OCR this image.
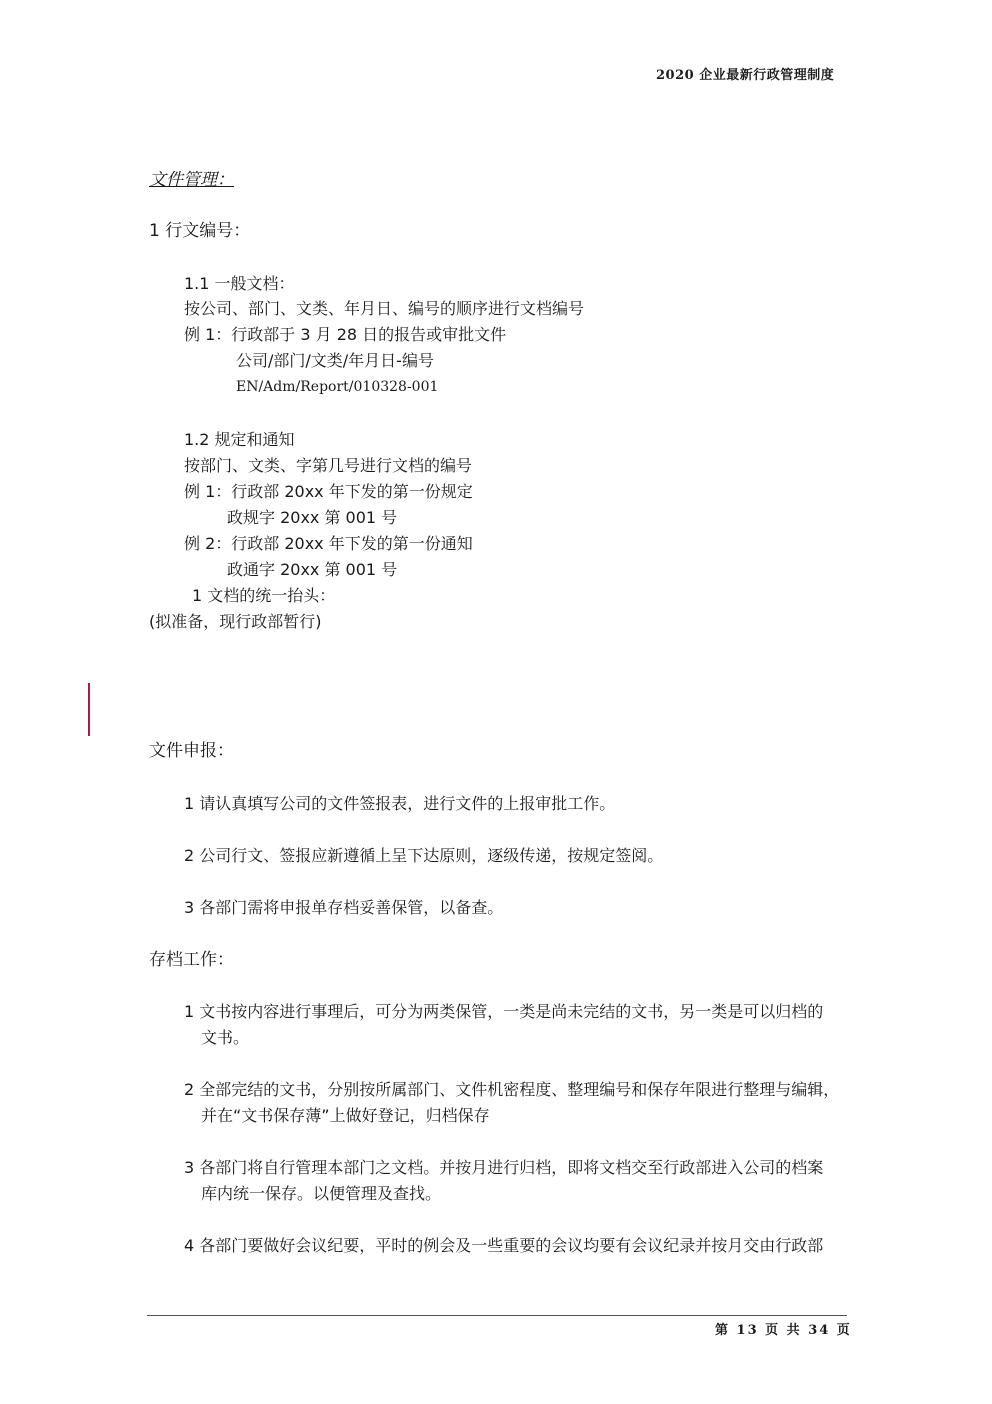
2020 企业最新行政管理制度
文件管理：
1 行文编号：
1.1 一般文档：
按公司、部门、文类、年月日、编号的顺序进行文档编号
例 1：行政部于 3 月 28 日的报告或审批文件
公司/部门/文类/年月日-编号
EN/Adm/Report/010328-001
1.2 规定和通知
按部门、文类、字第几号进行文档的编号
例 1：行政部 20xx 年下发的第一份规定
政规字 20xx 第 001 号
例 2：行政部 20xx 年下发的第一份通知
政通字 20xx 第 001 号
1 文档的统一抬头：
(拟准备，现行政部暂行)
文件申报：
1 请认真填写公司的文件签报表，进行文件的上报审批工作。
2 公司行文、签报应新遵循上呈下达原则，逐级传递，按规定签阅。
3 各部门需将申报单存档妥善保管，以备查。
存档工作：
1 文书按内容进行事理后，可分为两类保管，一类是尚未完结的文书，另一类是可以归档的
文书。
2 全部完结的文书，分别按所属部门、文件机密程度、整理编号和保存年限进行整理与编辑，
并在“文书保存薄”上做好登记，归档保存
3 各部门将自行管理本部门之文档。并按月进行归档，即将文档交至行政部进入公司的档案
库内统一保存。以便管理及查找。
4 各部门要做好会议纪要，平时的例会及一些重要的会议均要有会议纪录并按月交由行政部
第 13 页 共 34 页
